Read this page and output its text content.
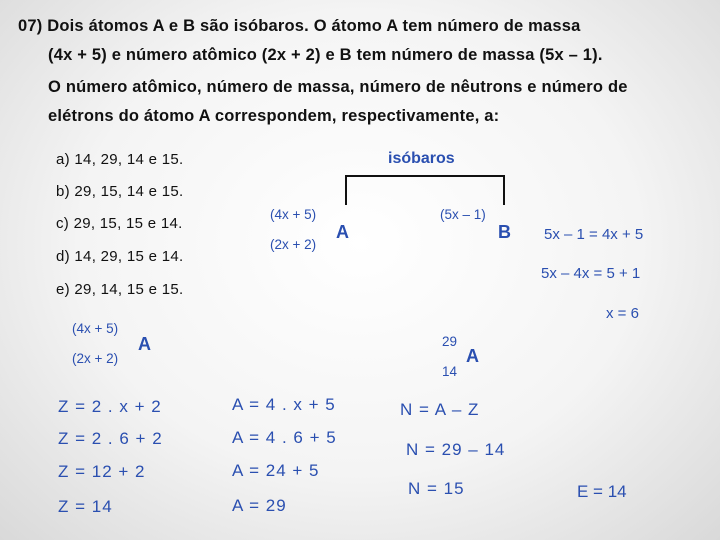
07) Dois átomos A e B são isóbaros. O átomo A tem número de massa
(4x + 5) e número atômico (2x + 2) e B tem número de massa (5x – 1).
O número atômico, número de massa, número de nêutrons e número de
elétrons do átomo A correspondem, respectivamente, a:
a) 14, 29, 14 e 15.
b) 29, 15, 14 e 15.
c) 29, 15, 15 e 14.
d) 14, 29, 15 e 14.
e) 29, 14, 15 e 15.
isóbaros
(4x + 5)
(2x + 2)
A
(5x – 1)
B 5x – 1 = 4x + 5
5x – 4x = 5 + 1
x = 6
(4x + 5)
(2x + 2)
A	29
14
A
Z = 2 . x + 2
Z = 2 . 6 + 2
Z = 12 + 2
Z = 14
A = 4 . x + 5
A = 4 . 6 + 5
A = 24 + 5
A = 29
N = A – Z
N = 29 – 14
N = 15	E = 14
